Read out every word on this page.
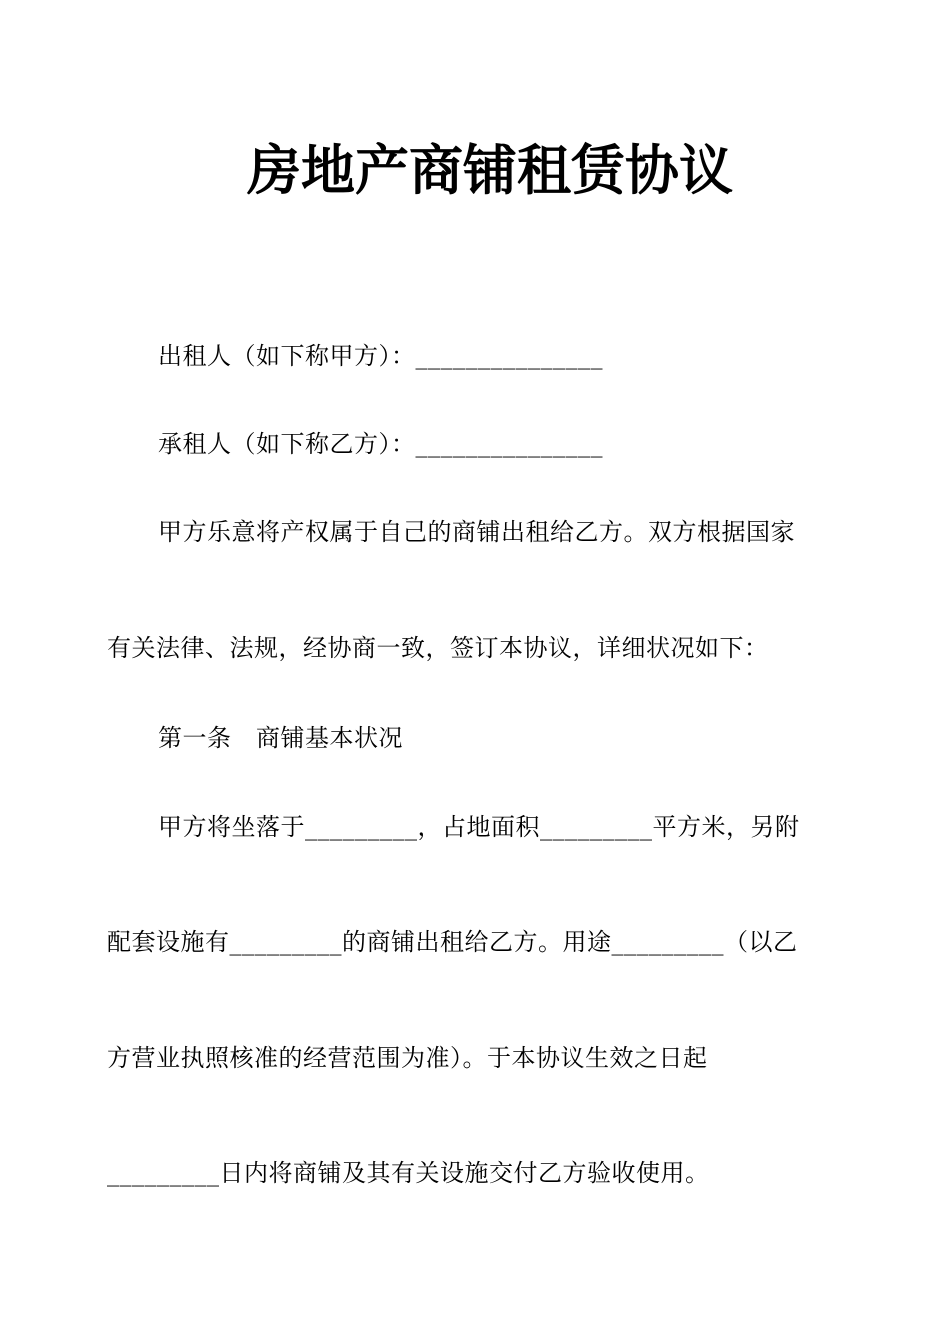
房地产商铺租赁协议
出租人（如下称甲方）：_______________
承租人（如下称乙方）：_______________
甲方乐意将产权属于自己的商铺出租给乙方。双方根据国家
有关法律、法规，经协商一致，签订本协议，详细状况如下：
第一条　商铺基本状况
甲方将坐落于_________，占地面积_________平方米，另附
配套设施有_________的商铺出租给乙方。用途_________（以乙
方营业执照核准的经营范围为准）。于本协议生效之日起
_________日内将商铺及其有关设施交付乙方验收使用。
